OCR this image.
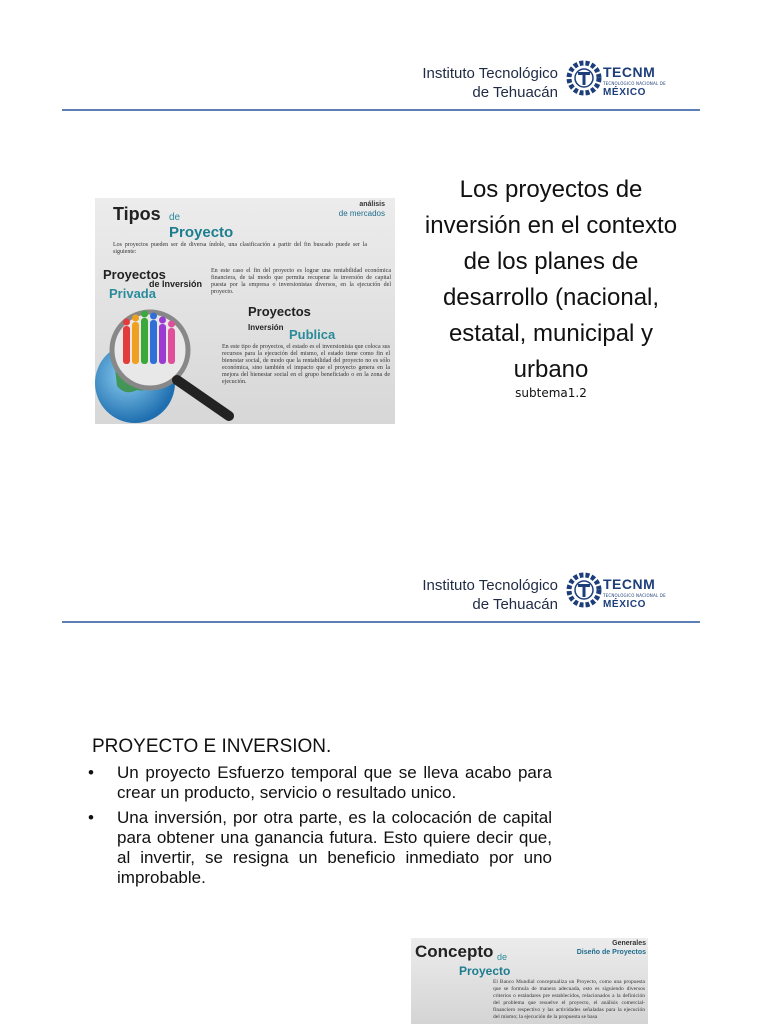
Instituto Tecnológico
de Tehuacán
TECNM
TECNOLÓGICO NACIONAL DE
MÉXICO
Tipos de
Proyecto
análisis
de mercados
Los proyectos pueden ser de diversa índole, una clasificación a partir del fin buscado puede ser la siguiente:
Proyectos
de Inversión
Privada
En este caso el fin del proyecto es lograr una rentabilidad económica financiera, de tal modo que permita recuperar la inversión de capital puesta por la empresa o inversionistas diversos, en la ejecución del proyecto.
Proyectos
Inversión Publica
En este tipo de proyectos, el estado es el inversionista que coloca sus recursos para la ejecución del mismo, el estado tiene como fin el bienestar social, de modo que la rentabilidad del proyecto no es sólo económica, sino también el impacto que el proyecto genera en la mejora del bienestar social en el grupo beneficiado o en la zona de ejecución.
Los proyectos de inversión en el contexto de los planes de desarrollo (nacional, estatal, municipal y urbano
subtema1.2
Instituto Tecnológico
de Tehuacán
TECNM
TECNOLÓGICO NACIONAL DE
MÉXICO
PROYECTO E INVERSION.
• Un proyecto Esfuerzo temporal que se lleva acabo para crear un producto, servicio o resultado unico.
• Una inversión, por otra parte, es la colocación de capital para obtener una ganancia futura. Esto quiere decir que, al invertir, se resigna un beneficio inmediato por uno improbable.
Concepto de
Proyecto
Generales
Diseño de Proyectos
El Banco Mundial conceptualiza un Proyecto, como una propuesta que se formula de manera adecuada, esto es siguiendo diversos criterios o estándares pre establecidos, relacionados a la definición del problema que resuelve el proyecto, el análisis comercial-financiero respectivo y las actividades señaladas para la ejecución del mismo; la ejecución de la propuesta se basa
